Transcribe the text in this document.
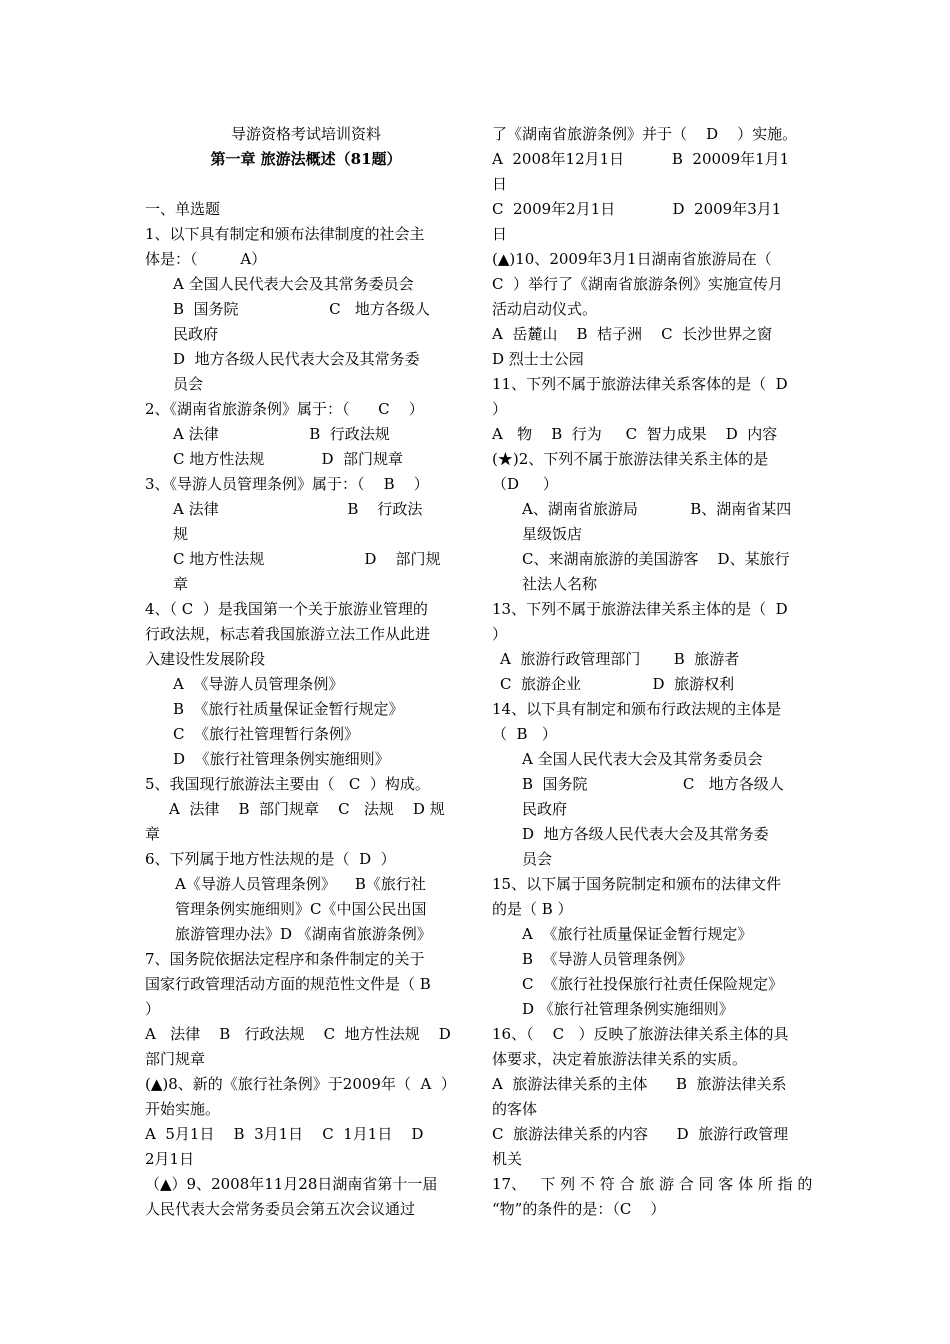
导游资格考试培训资料
第一章 旅游法概述（81题）
一、单选题
1、以下具有制定和颁布法律制度的社会主
体是：（         A）
A 全国人民代表大会及其常务委员会
B  国务院                   C   地方各级人
民政府
D  地方各级人民代表大会及其常务委
员会
2、《湖南省旅游条例》属于：（      C    ）
A 法律                   B  行政法规
C 地方性法规            D  部门规章
3、《导游人员管理条例》属于：（    B    ）
A 法律                           B    行政法
规
C 地方性法规                     D    部门规
章
4、（ C  ）是我国第一个关于旅游业管理的
行政法规，标志着我国旅游立法工作从此进
入建设性发展阶段
A  《导游人员管理条例》
B  《旅行社质量保证金暂行规定》
C  《旅行社管理暂行条例》
D  《旅行社管理条例实施细则》
5、我国现行旅游法主要由（   C  ）构成。
A  法律    B  部门规章    C   法规    D 规
章
6、下列属于地方性法规的是（  D  ）
A《导游人员管理条例》    B《旅行社
管理条例实施细则》C《中国公民出国
旅游管理办法》D 《湖南省旅游条例》
7、国务院依据法定程序和条件制定的关于
国家行政管理活动方面的规范性文件是（ B
）
A   法律    B   行政法规    C  地方性法规    D
部门规章
(▲)8、新的《旅行社条例》于2009年（  A  ）
开始实施。
A  5月1日    B  3月1日    C  1月1日    D
2月1日
（▲）9、2008年11月28日湖南省第十一届
人民代表大会常务委员会第五次会议通过
了《湖南省旅游条例》并于（    D    ）实施。
A  2008年12月1日          B  20009年1月1
日
C  2009年2月1日            D  2009年3月1
日
(▲)10、2009年3月1日湖南省旅游局在（
C  ）举行了《湖南省旅游条例》实施宣传月
活动启动仪式。
A  岳麓山    B  桔子洲    C  长沙世界之窗
D 烈士士公园
11、下列不属于旅游法律关系客体的是（  D
）
A   物    B  行为     C  智力成果    D  内容
(★)2、下列不属于旅游法律关系主体的是
（D     ）
A、湖南省旅游局           B、湖南省某四
星级饭店
C、来湖南旅游的美国游客    D、某旅行
社法人名称
13、下列不属于旅游法律关系主体的是（  D
）
A  旅游行政管理部门       B  旅游者
C  旅游企业               D  旅游权利
14、以下具有制定和颁布行政法规的主体是
（  B   ）
A 全国人民代表大会及其常务委员会
B  国务院                    C   地方各级人
民政府
D  地方各级人民代表大会及其常务委
员会
15、以下属于国务院制定和颁布的法律文件
的是（ B ）
A  《旅行社质量保证金暂行规定》
B  《导游人员管理条例》
C  《旅行社投保旅行社责任保险规定》
D 《旅行社管理条例实施细则》
16、（    C   ）反映了旅游法律关系主体的具
体要求，决定着旅游法律关系的实质。
A  旅游法律关系的主体      B  旅游法律关系
的客体
C  旅游法律关系的内容      D  旅游行政管理
机关
17、   下 列 不 符 合 旅 游 合 同 客 体 所 指 的
“物”的条件的是：（C    ）
